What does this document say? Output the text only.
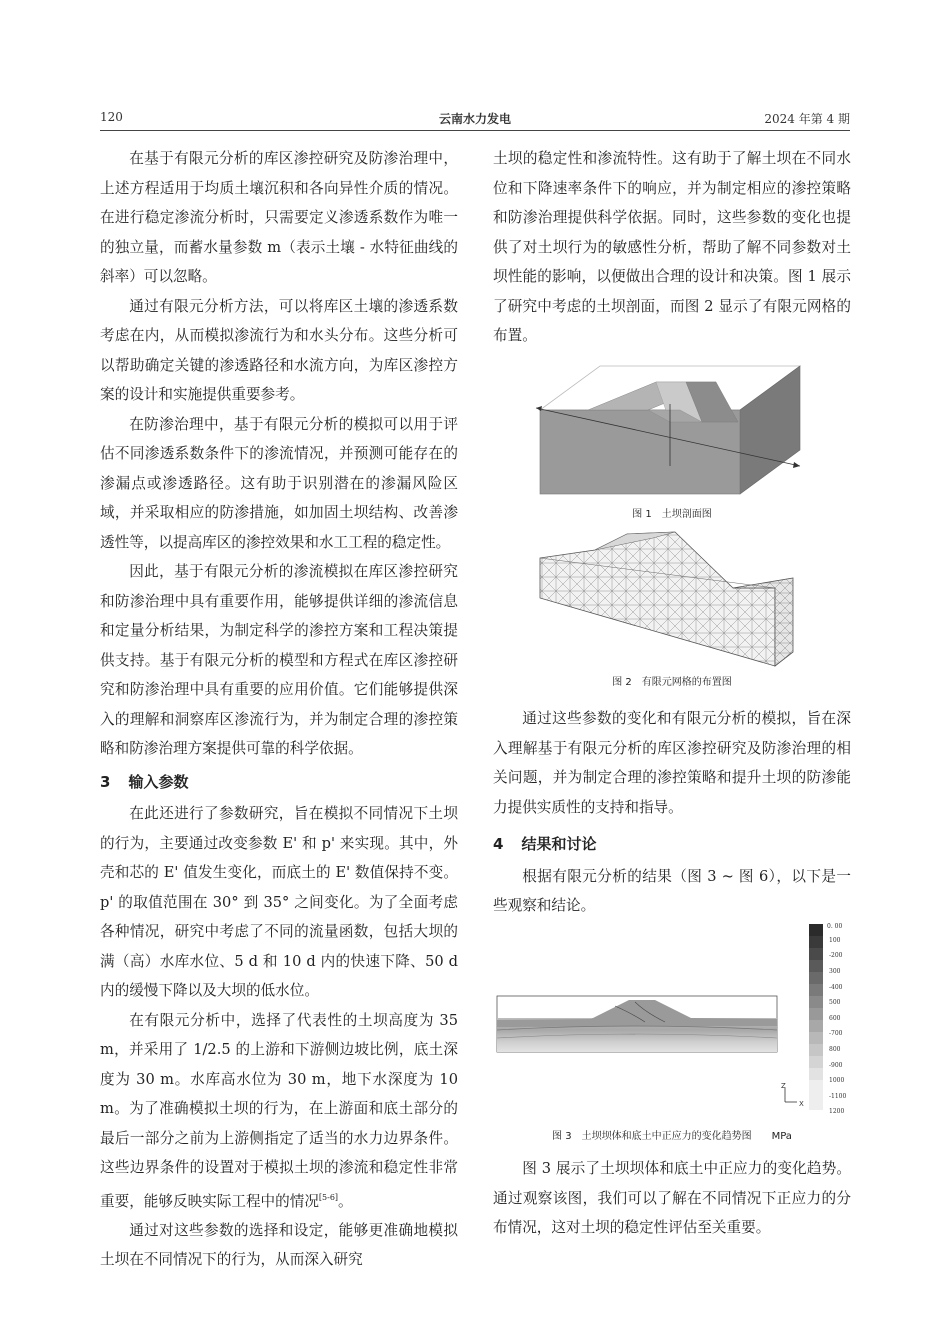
120	云南水力发电	2024 年第 4 期

在基于有限元分析的库区渗控研究及防渗治理中，上述方程适用于均质土壤沉积和各向异性介质的情况。在进行稳定渗流分析时，只需要定义渗透系数作为唯一的独立量，而蓄水量参数 m（表示土壤 - 水特征曲线的斜率）可以忽略。

通过有限元分析方法，可以将库区土壤的渗透系数考虑在内，从而模拟渗流行为和水头分布。这些分析可以帮助确定关键的渗透路径和水流方向，为库区渗控方案的设计和实施提供重要参考。

在防渗治理中，基于有限元分析的模拟可以用于评估不同渗透系数条件下的渗流情况，并预测可能存在的渗漏点或渗透路径。这有助于识别潜在的渗漏风险区域，并采取相应的防渗措施，如加固土坝结构、改善渗透性等，以提高库区的渗控效果和水工工程的稳定性。

因此，基于有限元分析的渗流模拟在库区渗控研究和防渗治理中具有重要作用，能够提供详细的渗流信息和定量分析结果，为制定科学的渗控方案和工程决策提供支持。基于有限元分析的模型和方程式在库区渗控研究和防渗治理中具有重要的应用价值。它们能够提供深入的理解和洞察库区渗流行为，并为制定合理的渗控策略和防渗治理方案提供可靠的科学依据。

3 输入参数

在此还进行了参数研究，旨在模拟不同情况下土坝的行为，主要通过改变参数 E' 和 p' 来实现。其中，外壳和芯的 E' 值发生变化，而底土的 E' 数值保持不变。p' 的取值范围在 30° 到 35° 之间变化。为了全面考虑各种情况，研究中考虑了不同的流量函数，包括大坝的满（高）水库水位、5 d 和 10 d 内的快速下降、50 d 内的缓慢下降以及大坝的低水位。

在有限元分析中，选择了代表性的土坝高度为 35 m，并采用了 1/2.5 的上游和下游侧边坡比例，底土深度为 30 m。水库高水位为 30 m，地下水深度为 10 m。为了准确模拟土坝的行为，在上游面和底土部分的最后一部分之前为上游侧指定了适当的水力边界条件。这些边界条件的设置对于模拟土坝的渗流和稳定性非常重要，能够反映实际工程中的情况[5-6]。

通过对这些参数的选择和设定，能够更准确地模拟土坝在不同情况下的行为，从而深入研究

土坝的稳定性和渗流特性。这有助于了解土坝在不同水位和下降速率条件下的响应，并为制定相应的渗控策略和防渗治理提供科学依据。同时，这些参数的变化也提供了对土坝行为的敏感性分析，帮助了解不同参数对土坝性能的影响，以便做出合理的设计和决策。图 1 展示了研究中考虑的土坝剖面，而图 2 显示了有限元网格的布置。

图 1　土坝剖面图
图 2　有限元网格的布置图

通过这些参数的变化和有限元分析的模拟，旨在深入理解基于有限元分析的库区渗控研究及防渗治理的相关问题，并为制定合理的渗控策略和提升土坝的防渗能力提供实质性的支持和指导。

4 结果和讨论

根据有限元分析的结果（图 3 ~ 图 6），以下是一些观察和结论。

0. 00
100
-200
300
-400
500
600
-700
800
-900
1000
-1100
1200
Z
X
图 3　土坝坝体和底土中正应力的变化趋势图　　MPa

图 3 展示了土坝坝体和底土中正应力的变化趋势。通过观察该图，我们可以了解在不同情况下正应力的分布情况，这对土坝的稳定性评估至关重要。
